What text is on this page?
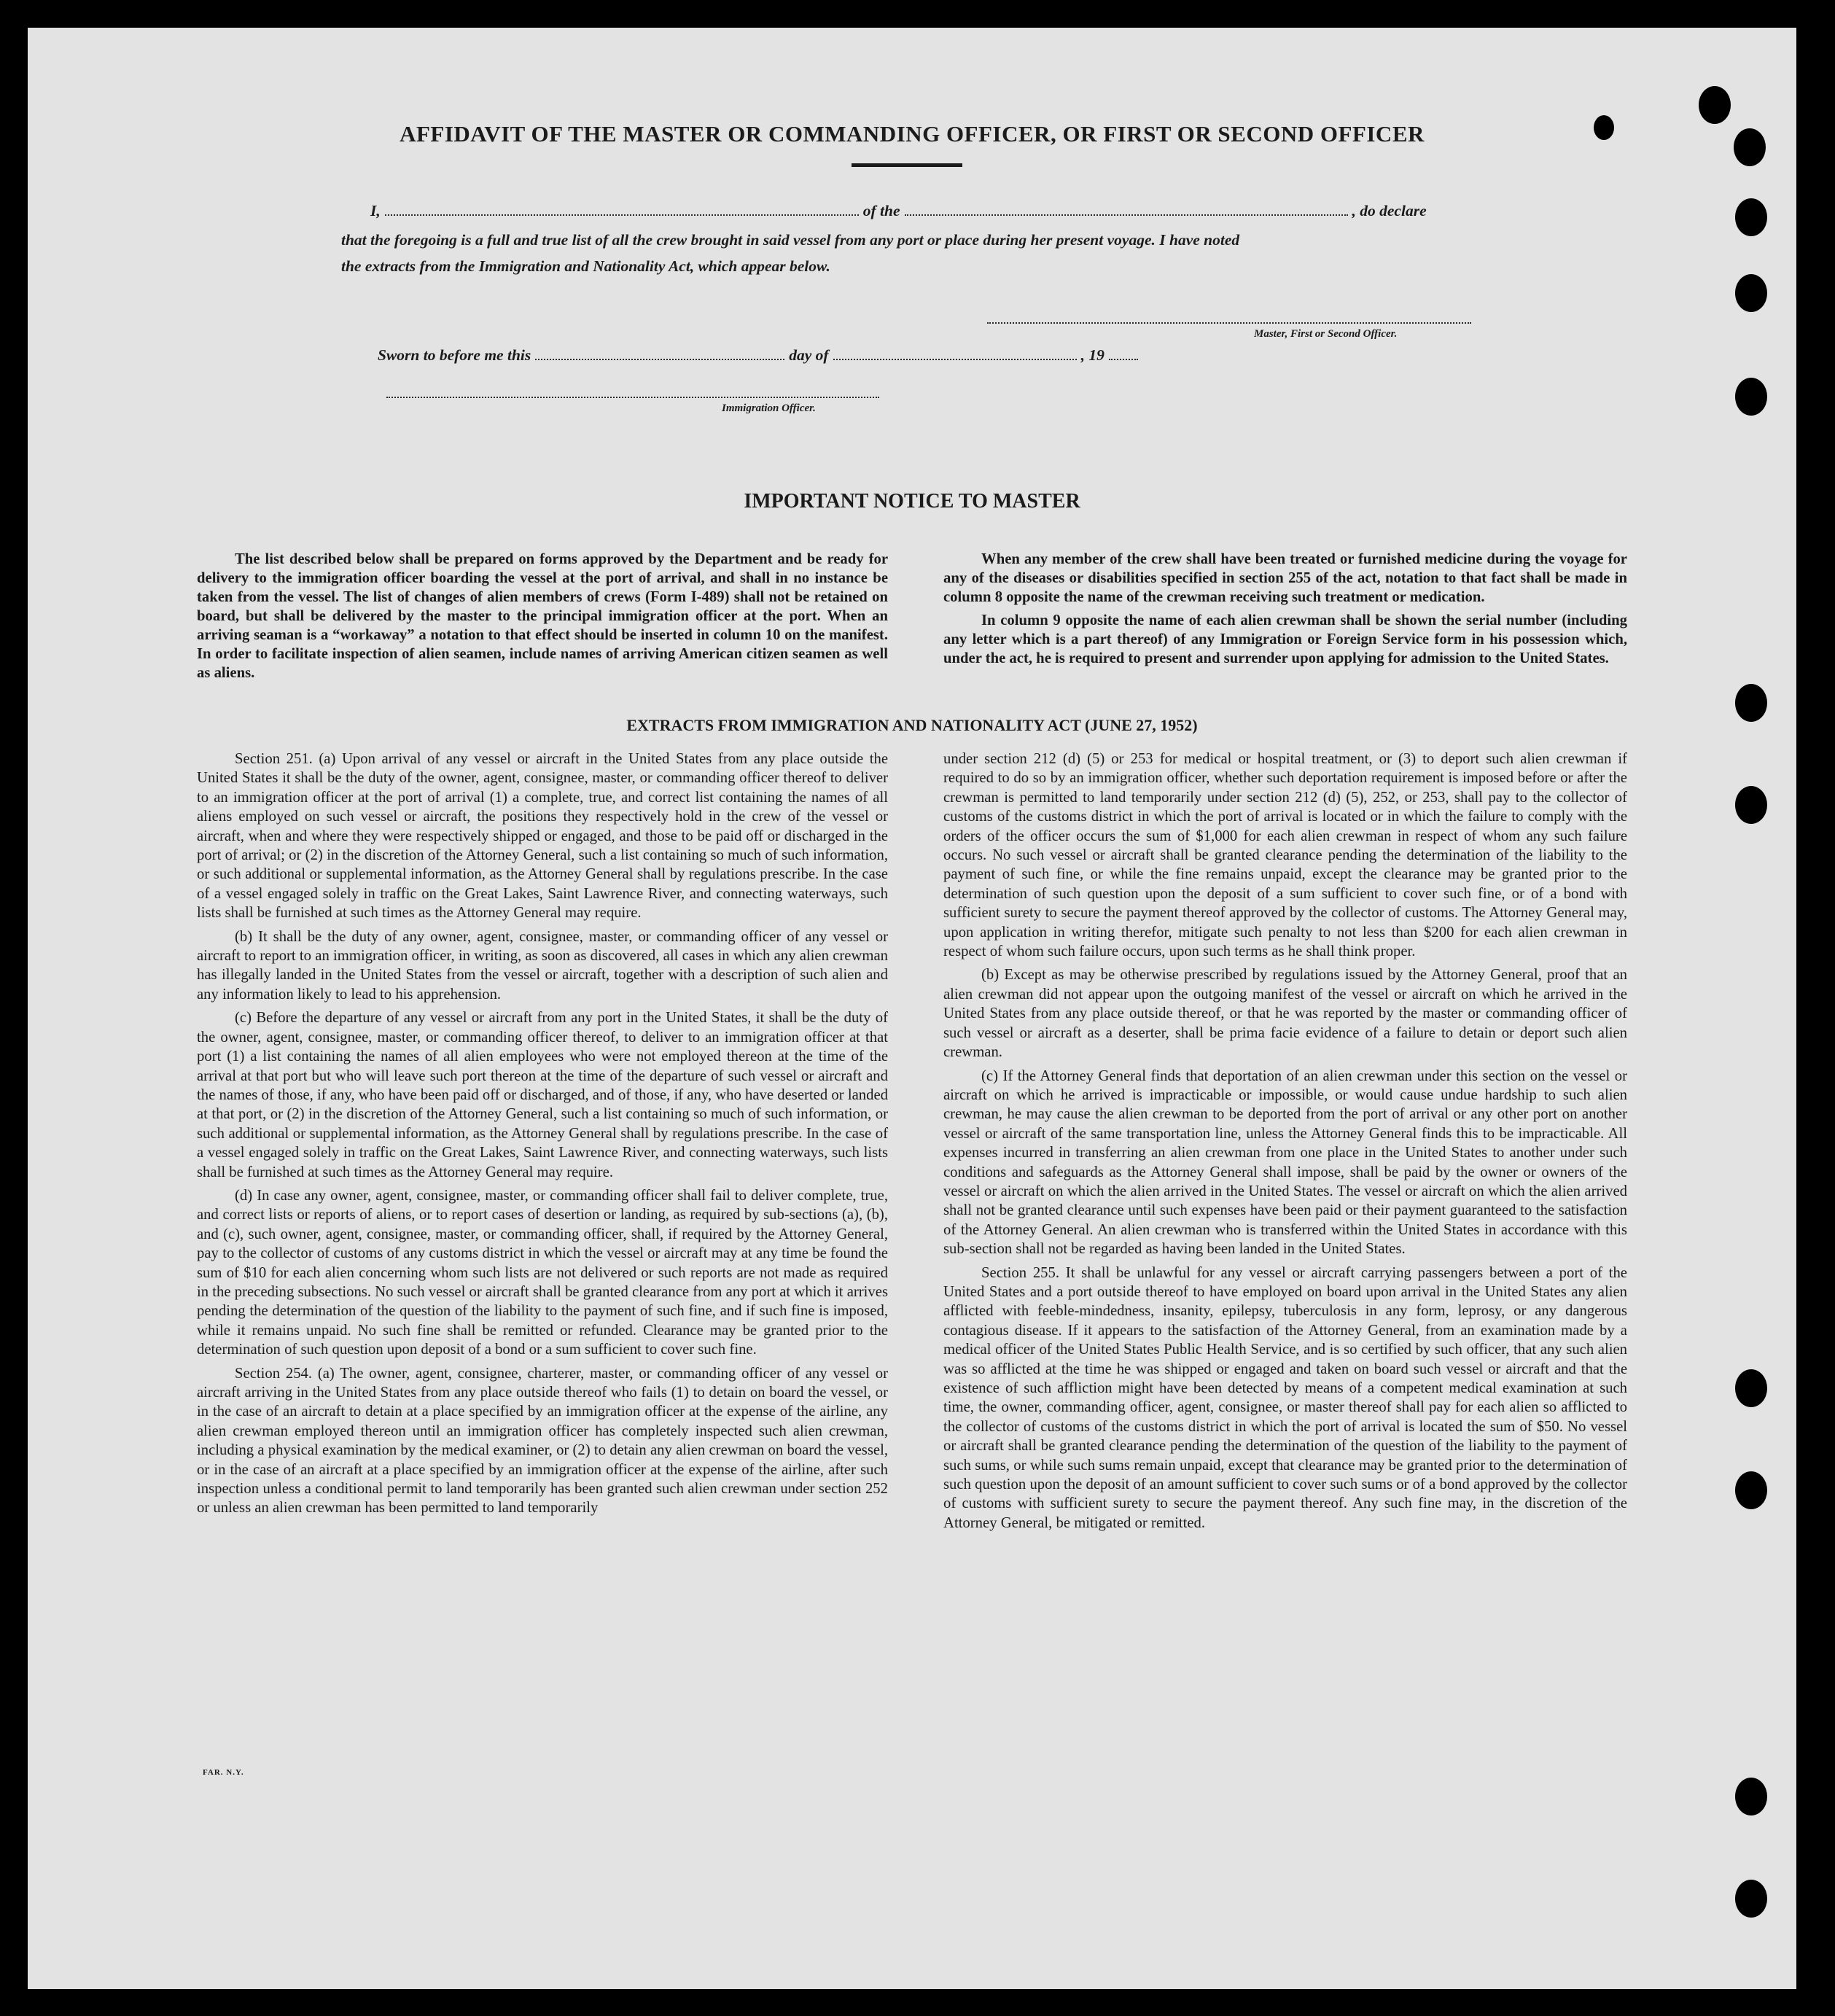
AFFIDAVIT OF THE MASTER OR COMMANDING OFFICER, OR FIRST OR SECOND OFFICER
I,	of the	, do declare
that the foregoing is a full and true list of all the crew brought in said vessel from any port or place during her present voyage. I have noted
the extracts from the Immigration and Nationality Act, which appear below.
Master, First or Second Officer.
Sworn to before me this	day of	, 19
Immigration Officer.
IMPORTANT NOTICE TO MASTER

The list described below shall be prepared on forms approved by the Department and be ready for delivery to the immigration officer boarding the vessel at the port of arrival, and shall in no instance be taken from the vessel. The list of changes of alien members of crews (Form I-489) shall not be retained on board, but shall be delivered by the master to the principal immigration officer at the port. When an arriving seaman is a “workaway” a notation to that effect should be inserted in column 10 on the manifest. In order to facilitate inspection of alien seamen, include names of arriving American citizen seamen as well as aliens.

When any member of the crew shall have been treated or furnished medicine during the voyage for any of the diseases or disabilities specified in section 255 of the act, notation to that fact shall be made in column 8 opposite the name of the crewman receiving such treatment or medication.

In column 9 opposite the name of each alien crewman shall be shown the serial number (including any letter which is a part thereof) of any Immigration or Foreign Service form in his possession which, under the act, he is required to present and surrender upon applying for admission to the United States.

EXTRACTS FROM IMMIGRATION AND NATIONALITY ACT (JUNE 27, 1952)

Section 251. (a) Upon arrival of any vessel or aircraft in the United States from any place outside the United States it shall be the duty of the owner, agent, consignee, master, or commanding officer thereof to deliver to an immigration officer at the port of arrival (1) a complete, true, and correct list containing the names of all aliens employed on such vessel or aircraft, the positions they respectively hold in the crew of the vessel or aircraft, when and where they were respectively shipped or engaged, and those to be paid off or discharged in the port of arrival; or (2) in the discretion of the Attorney General, such a list containing so much of such information, or such additional or supplemental information, as the Attorney General shall by regulations prescribe. In the case of a vessel engaged solely in traffic on the Great Lakes, Saint Lawrence River, and connecting waterways, such lists shall be furnished at such times as the Attorney General may require.

(b) It shall be the duty of any owner, agent, consignee, master, or commanding officer of any vessel or aircraft to report to an immigration officer, in writing, as soon as discovered, all cases in which any alien crewman has illegally landed in the United States from the vessel or aircraft, together with a description of such alien and any information likely to lead to his apprehension.

(c) Before the departure of any vessel or aircraft from any port in the United States, it shall be the duty of the owner, agent, consignee, master, or commanding officer thereof, to deliver to an immigration officer at that port (1) a list containing the names of all alien employees who were not employed thereon at the time of the arrival at that port but who will leave such port thereon at the time of the departure of such vessel or aircraft and the names of those, if any, who have been paid off or discharged, and of those, if any, who have deserted or landed at that port, or (2) in the discretion of the Attorney General, such a list containing so much of such information, or such additional or supplemental information, as the Attorney General shall by regulations prescribe. In the case of a vessel engaged solely in traffic on the Great Lakes, Saint Lawrence River, and connecting waterways, such lists shall be furnished at such times as the Attorney General may require.

(d) In case any owner, agent, consignee, master, or commanding officer shall fail to deliver complete, true, and correct lists or reports of aliens, or to report cases of desertion or landing, as required by sub-sections (a), (b), and (c), such owner, agent, consignee, master, or commanding officer, shall, if required by the Attorney General, pay to the collector of customs of any customs district in which the vessel or aircraft may at any time be found the sum of $10 for each alien concerning whom such lists are not delivered or such reports are not made as required in the preceding subsections. No such vessel or aircraft shall be granted clearance from any port at which it arrives pending the determination of the question of the liability to the payment of such fine, and if such fine is imposed, while it remains unpaid. No such fine shall be remitted or refunded. Clearance may be granted prior to the determination of such question upon deposit of a bond or a sum sufficient to cover such fine.

Section 254. (a) The owner, agent, consignee, charterer, master, or commanding officer of any vessel or aircraft arriving in the United States from any place outside thereof who fails (1) to detain on board the vessel, or in the case of an aircraft to detain at a place specified by an immigration officer at the expense of the airline, any alien crewman employed thereon until an immigration officer has completely inspected such alien crewman, including a physical examination by the medical examiner, or (2) to detain any alien crewman on board the vessel, or in the case of an aircraft at a place specified by an immigration officer at the expense of the airline, after such inspection unless a conditional permit to land temporarily has been granted such alien crewman under section 252 or unless an alien crewman has been permitted to land temporarily

under section 212 (d) (5) or 253 for medical or hospital treatment, or (3) to deport such alien crewman if required to do so by an immigration officer, whether such deportation requirement is imposed before or after the crewman is permitted to land temporarily under section 212 (d) (5), 252, or 253, shall pay to the collector of customs of the customs district in which the port of arrival is located or in which the failure to comply with the orders of the officer occurs the sum of $1,000 for each alien crewman in respect of whom any such failure occurs. No such vessel or aircraft shall be granted clearance pending the determination of the liability to the payment of such fine, or while the fine remains unpaid, except the clearance may be granted prior to the determination of such question upon the deposit of a sum sufficient to cover such fine, or of a bond with sufficient surety to secure the payment thereof approved by the collector of customs. The Attorney General may, upon application in writing therefor, mitigate such penalty to not less than $200 for each alien crewman in respect of whom such failure occurs, upon such terms as he shall think proper.

(b) Except as may be otherwise prescribed by regulations issued by the Attorney General, proof that an alien crewman did not appear upon the outgoing manifest of the vessel or aircraft on which he arrived in the United States from any place outside thereof, or that he was reported by the master or commanding officer of such vessel or aircraft as a deserter, shall be prima facie evidence of a failure to detain or deport such alien crewman.

(c) If the Attorney General finds that deportation of an alien crewman under this section on the vessel or aircraft on which he arrived is impracticable or impossible, or would cause undue hardship to such alien crewman, he may cause the alien crewman to be deported from the port of arrival or any other port on another vessel or aircraft of the same transportation line, unless the Attorney General finds this to be impracticable. All expenses incurred in transferring an alien crewman from one place in the United States to another under such conditions and safeguards as the Attorney General shall impose, shall be paid by the owner or owners of the vessel or aircraft on which the alien arrived in the United States. The vessel or aircraft on which the alien arrived shall not be granted clearance until such expenses have been paid or their payment guaranteed to the satisfaction of the Attorney General. An alien crewman who is transferred within the United States in accordance with this sub-section shall not be regarded as having been landed in the United States.

Section 255. It shall be unlawful for any vessel or aircraft carrying passengers between a port of the United States and a port outside thereof to have employed on board upon arrival in the United States any alien afflicted with feeble-mindedness, insanity, epilepsy, tuberculosis in any form, leprosy, or any dangerous contagious disease. If it appears to the satisfaction of the Attorney General, from an examination made by a medical officer of the United States Public Health Service, and is so certified by such officer, that any such alien was so afflicted at the time he was shipped or engaged and taken on board such vessel or aircraft and that the existence of such affliction might have been detected by means of a competent medical examination at such time, the owner, commanding officer, agent, consignee, or master thereof shall pay for each alien so afflicted to the collector of customs of the customs district in which the port of arrival is located the sum of $50. No vessel or aircraft shall be granted clearance pending the determination of the question of the liability to the payment of such sums, or while such sums remain unpaid, except that clearance may be granted prior to the determination of such question upon the deposit of an amount sufficient to cover such sums or of a bond approved by the collector of customs with sufficient surety to secure the payment thereof. Any such fine may, in the discretion of the Attorney General, be mitigated or remitted.

FAR. N.Y.
